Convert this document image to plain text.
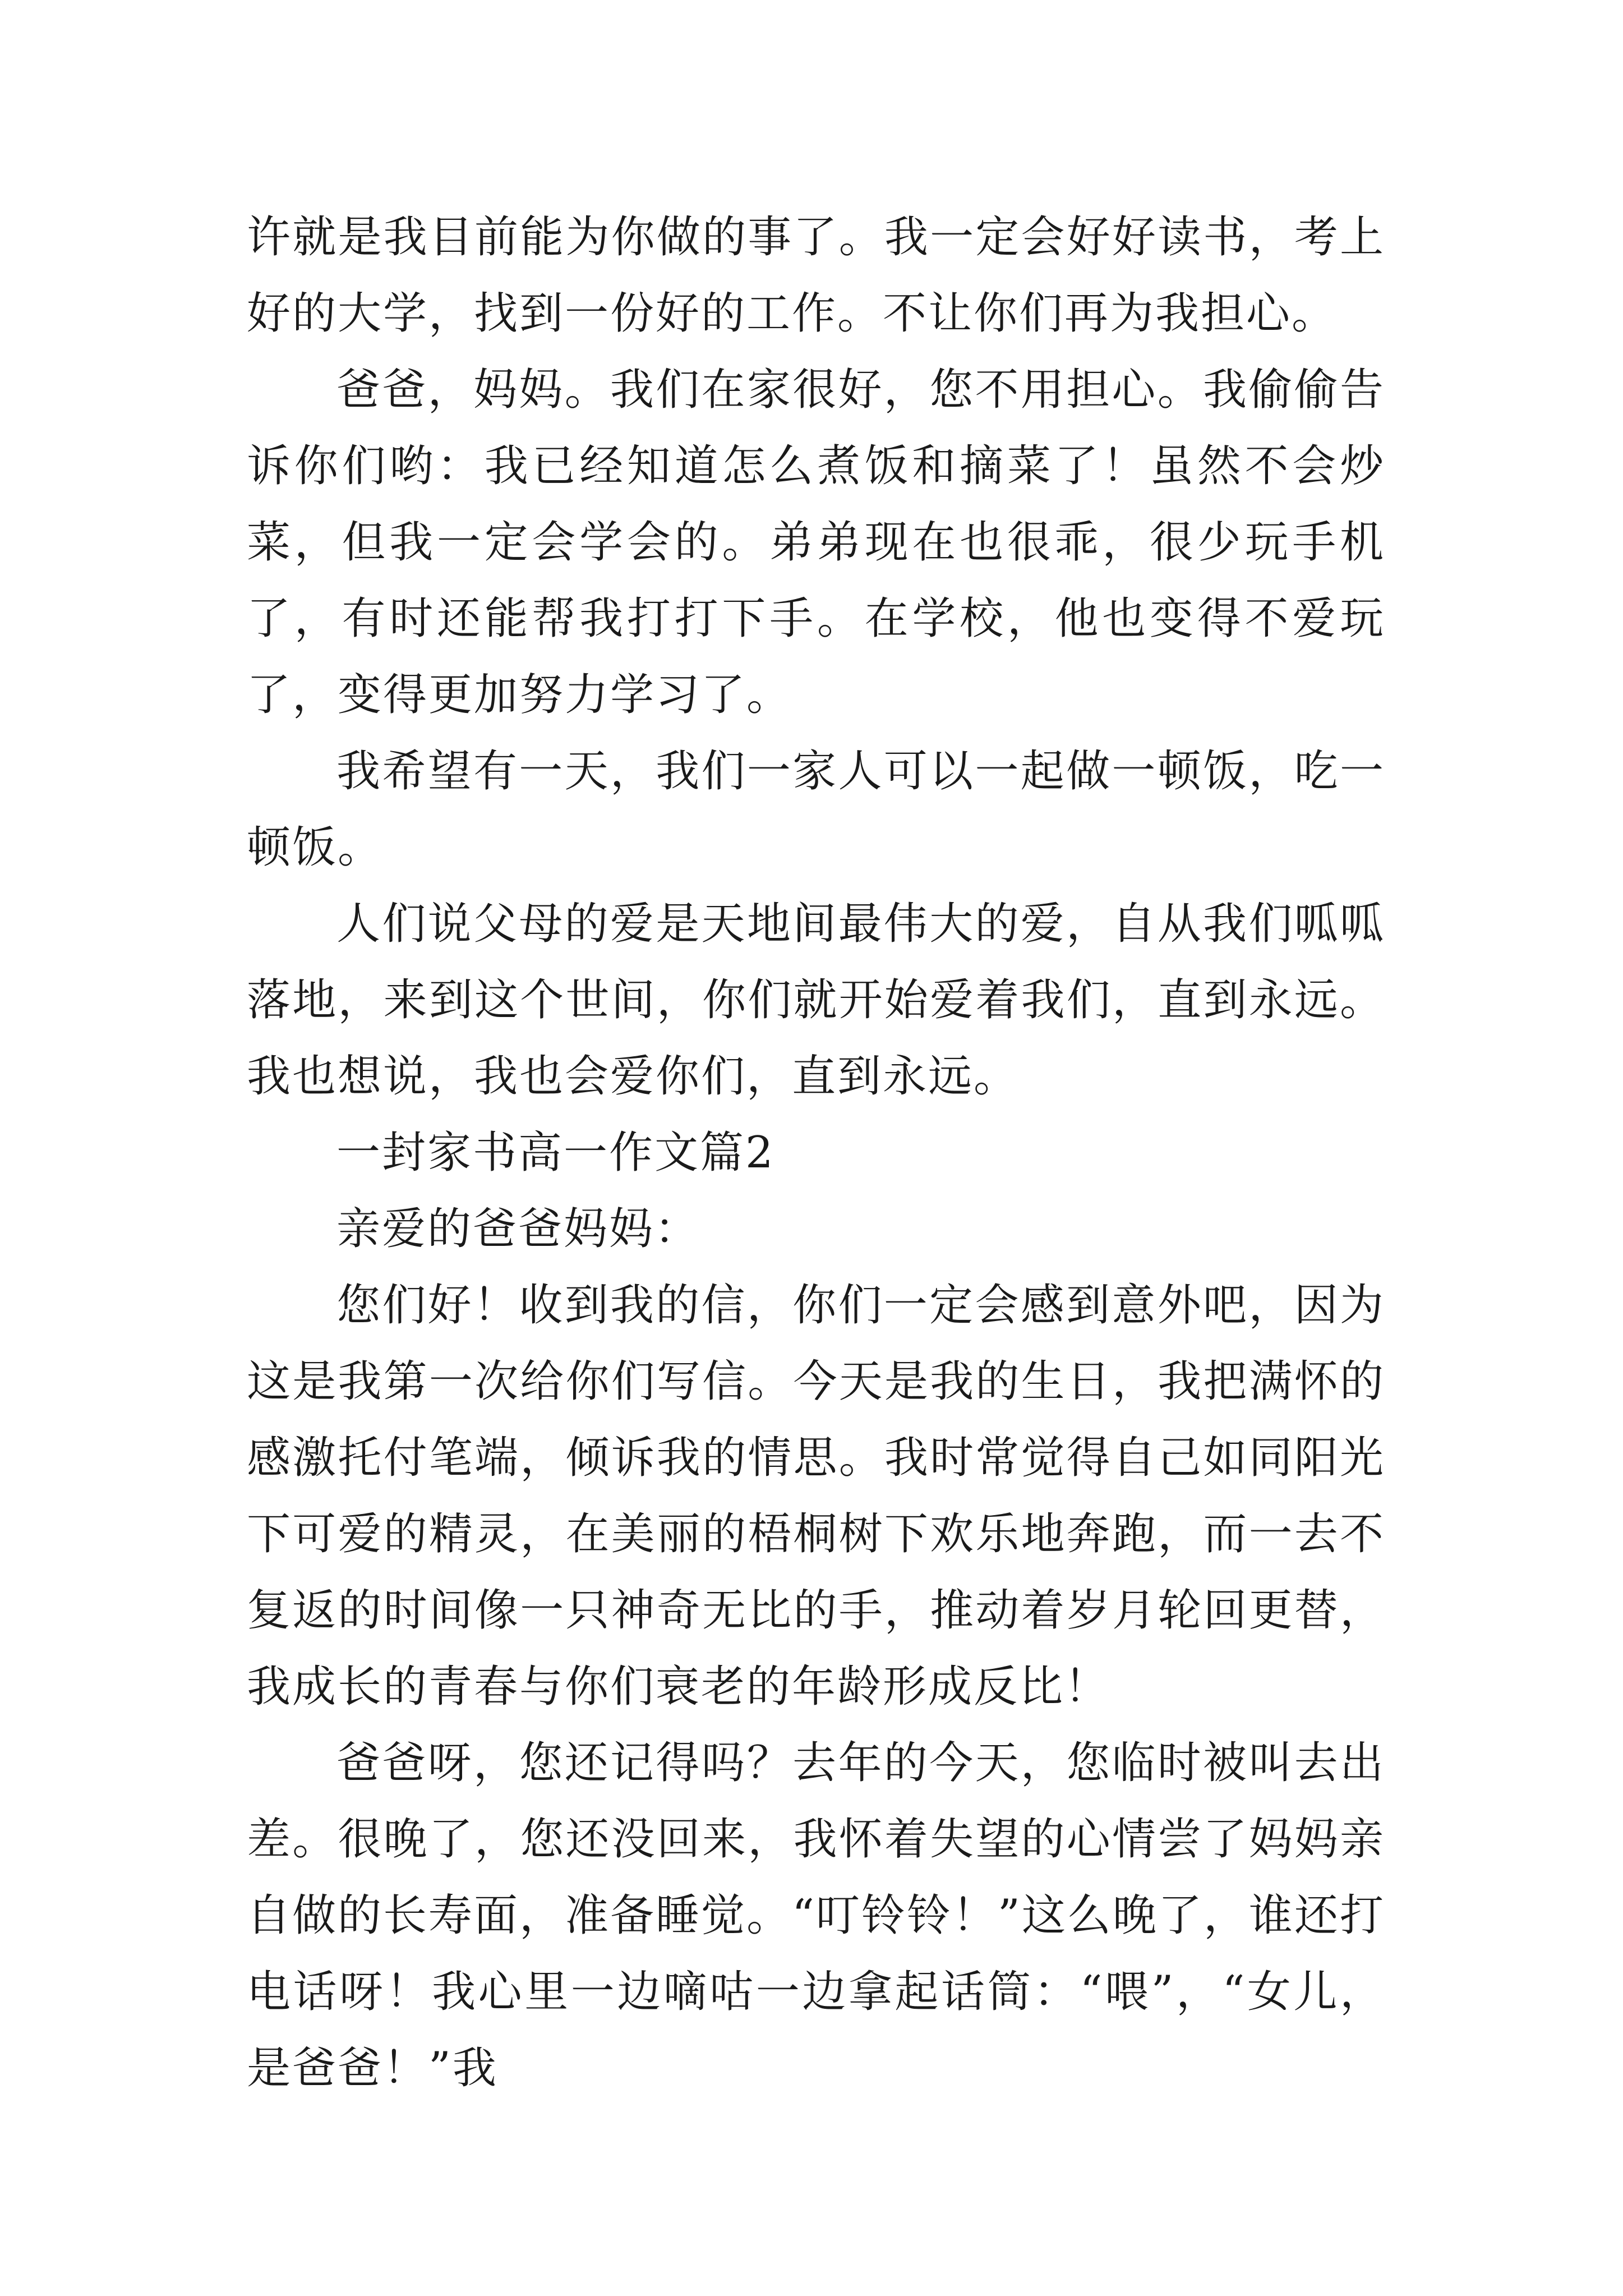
许就是我目前能为你做的事了。我一定会好好读书，考上好的大学，找到一份好的工作。不让你们再为我担心。

爸爸，妈妈。我们在家很好，您不用担心。我偷偷告诉你们哟：我已经知道怎么煮饭和摘菜了！虽然不会炒菜，但我一定会学会的。弟弟现在也很乖，很少玩手机了，有时还能帮我打打下手。在学校，他也变得不爱玩了，变得更加努力学习了。

我希望有一天，我们一家人可以一起做一顿饭，吃一顿饭。

人们说父母的爱是天地间最伟大的爱，自从我们呱呱落地，来到这个世间，你们就开始爱着我们，直到永远。我也想说，我也会爱你们，直到永远。

一封家书高一作文篇2

亲爱的爸爸妈妈：

您们好！收到我的信，你们一定会感到意外吧，因为这是我第一次给你们写信。今天是我的生日，我把满怀的感激托付笔端，倾诉我的情思。我时常觉得自己如同阳光下可爱的精灵，在美丽的梧桐树下欢乐地奔跑，而一去不复返的时间像一只神奇无比的手，推动着岁月轮回更替，我成长的青春与你们衰老的年龄形成反比！

爸爸呀，您还记得吗？去年的今天，您临时被叫去出差。很晚了，您还没回来，我怀着失望的心情尝了妈妈亲自做的长寿面，准备睡觉。“叮铃铃！”这么晚了，谁还打电话呀！我心里一边嘀咕一边拿起话筒：“喂”，“女儿，是爸爸！”我
